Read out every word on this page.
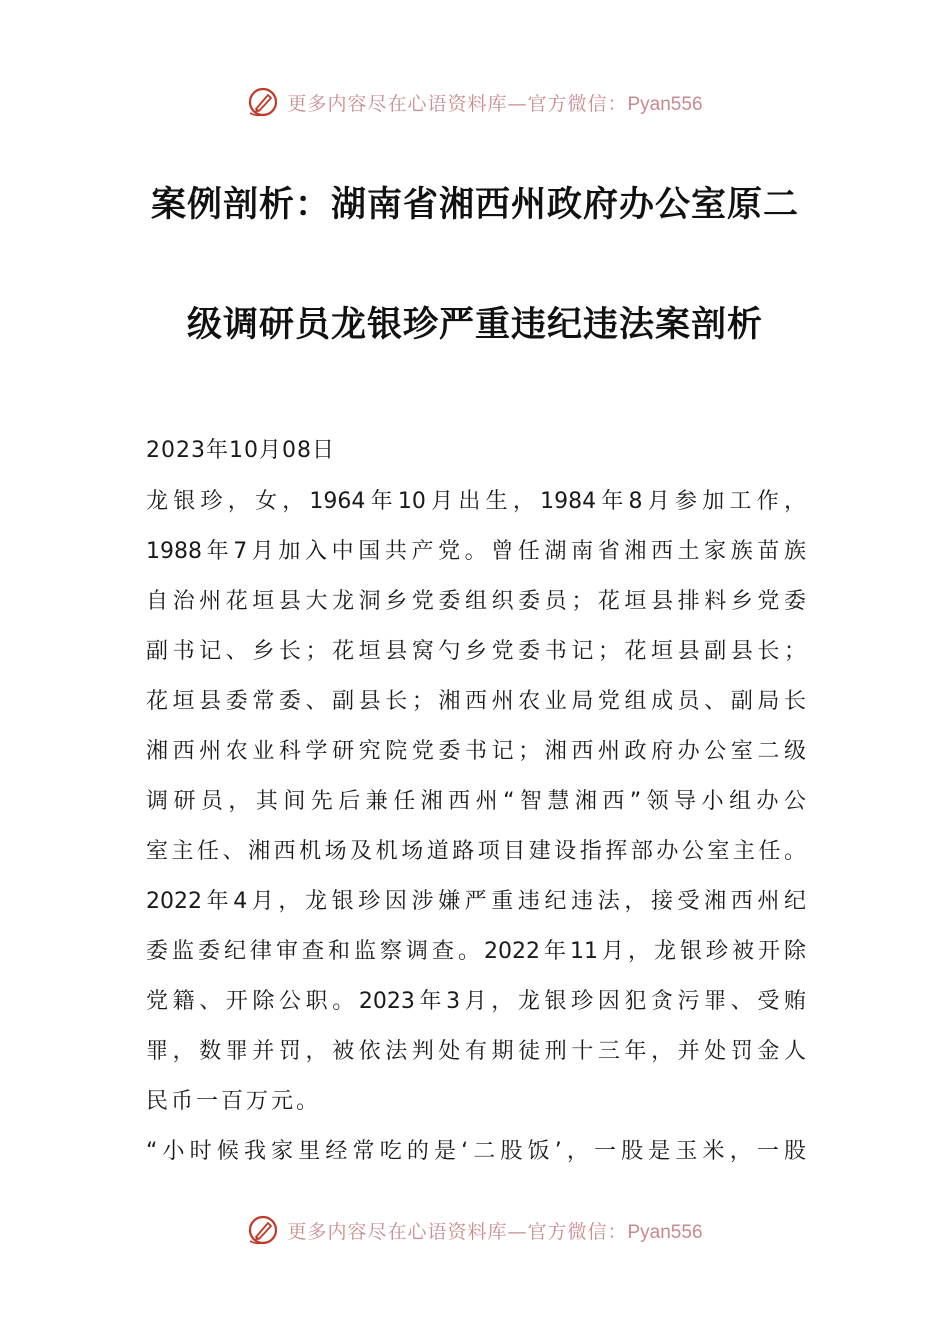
更多内容尽在心语资料库—官方微信：Pyan556
案例剖析：湖南省湘西州政府办公室原二
级调研员龙银珍严重违纪违法案剖析
2023年10月08日
龙银珍，女，1964年10月出生，1984年8月参加工作，
1988年7月加入中国共产党。曾任湖南省湘西土家族苗族
自治州花垣县大龙洞乡党委组织委员；花垣县排料乡党委
副书记、乡长；花垣县窝勺乡党委书记；花垣县副县长；
花垣县委常委、副县长；湘西州农业局党组成员、副局长
湘西州农业科学研究院党委书记；湘西州政府办公室二级
调研员，其间先后兼任湘西州“智慧湘西”领导小组办公
室主任、湘西机场及机场道路项目建设指挥部办公室主任。
2022年4月，龙银珍因涉嫌严重违纪违法，接受湘西州纪
委监委纪律审查和监察调查。2022年11月，龙银珍被开除
党籍、开除公职。2023年3月，龙银珍因犯贪污罪、受贿
罪，数罪并罚，被依法判处有期徒刑十三年，并处罚金人
民币一百万元。
“小时候我家里经常吃的是‘二股饭’，一股是玉米，一股
更多内容尽在心语资料库—官方微信：Pyan556
